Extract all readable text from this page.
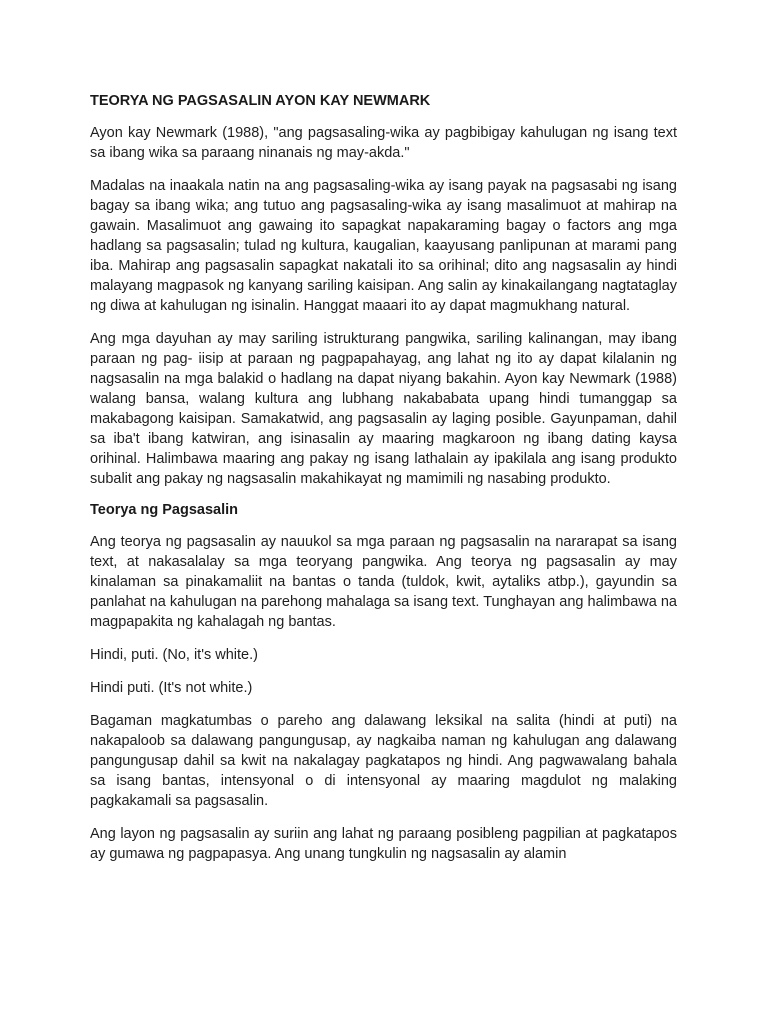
TEORYA NG PAGSASALIN AYON KAY NEWMARK

Ayon kay Newmark (1988), "ang pagsasaling-wika ay pagbibigay kahulugan ng isang text sa ibang wika sa paraang ninanais ng may-akda."

Madalas na inaakala natin na ang pagsasaling-wika ay isang payak na pagsasabi ng isang bagay sa ibang wika; ang tutuo ang pagsasaling-wika ay isang masalimuot at mahirap na gawain. Masalimuot ang gawaing ito sapagkat napakaraming bagay o factors ang mga hadlang sa pagsasalin; tulad ng kultura, kaugalian, kaayusang panlipunan at marami pang iba. Mahirap ang pagsasalin sapagkat nakatali ito sa orihinal; dito ang nagsasalin ay hindi malayang magpasok ng kanyang sariling kaisipan. Ang salin ay kinakailangang nagtataglay ng diwa at kahulugan ng isinalin. Hanggat maaari ito ay dapat magmukhang natural.

Ang mga dayuhan ay may sariling istrukturang pangwika, sariling kalinangan, may ibang paraan ng pag- iisip at paraan ng pagpapahayag, ang lahat ng ito ay dapat kilalanin ng nagsasalin na mga balakid o hadlang na dapat niyang bakahin. Ayon kay Newmark (1988) walang bansa, walang kultura ang lubhang nakababata upang hindi tumanggap sa makabagong kaisipan. Samakatwid, ang pagsasalin ay laging posible. Gayunpaman, dahil sa iba't ibang katwiran, ang isinasalin ay maaring magkaroon ng ibang dating kaysa orihinal. Halimbawa maaring ang pakay ng isang lathalain ay ipakilala ang isang produkto subalit ang pakay ng nagsasalin makahikayat ng mamimili ng nasabing produkto.

Teorya ng Pagsasalin

Ang teorya ng pagsasalin ay nauukol sa mga paraan ng pagsasalin na nararapat sa isang text, at nakasalalay sa mga teoryang pangwika. Ang teorya ng pagsasalin ay may kinalaman sa pinakamaliit na bantas o tanda (tuldok, kwit, aytaliks atbp.), gayundin sa panlahat na kahulugan na parehong mahalaga sa isang text. Tunghayan ang halimbawa na magpapakita ng kahalagah ng bantas.

Hindi, puti. (No, it's white.)

Hindi puti. (It's not white.)

Bagaman magkatumbas o pareho ang dalawang leksikal na salita (hindi at puti) na nakapaloob sa dalawang pangungusap, ay nagkaiba naman ng kahulugan ang dalawang pangungusap dahil sa kwit na nakalagay pagkatapos ng hindi. Ang pagwawalang bahala sa isang bantas, intensyonal o di intensyonal ay maaring magdulot ng malaking pagkakamali sa pagsasalin.

Ang layon ng pagsasalin ay suriin ang lahat ng paraang posibleng pagpilian at pagkatapos ay gumawa ng pagpapasya. Ang unang tungkulin ng nagsasalin ay alamin
